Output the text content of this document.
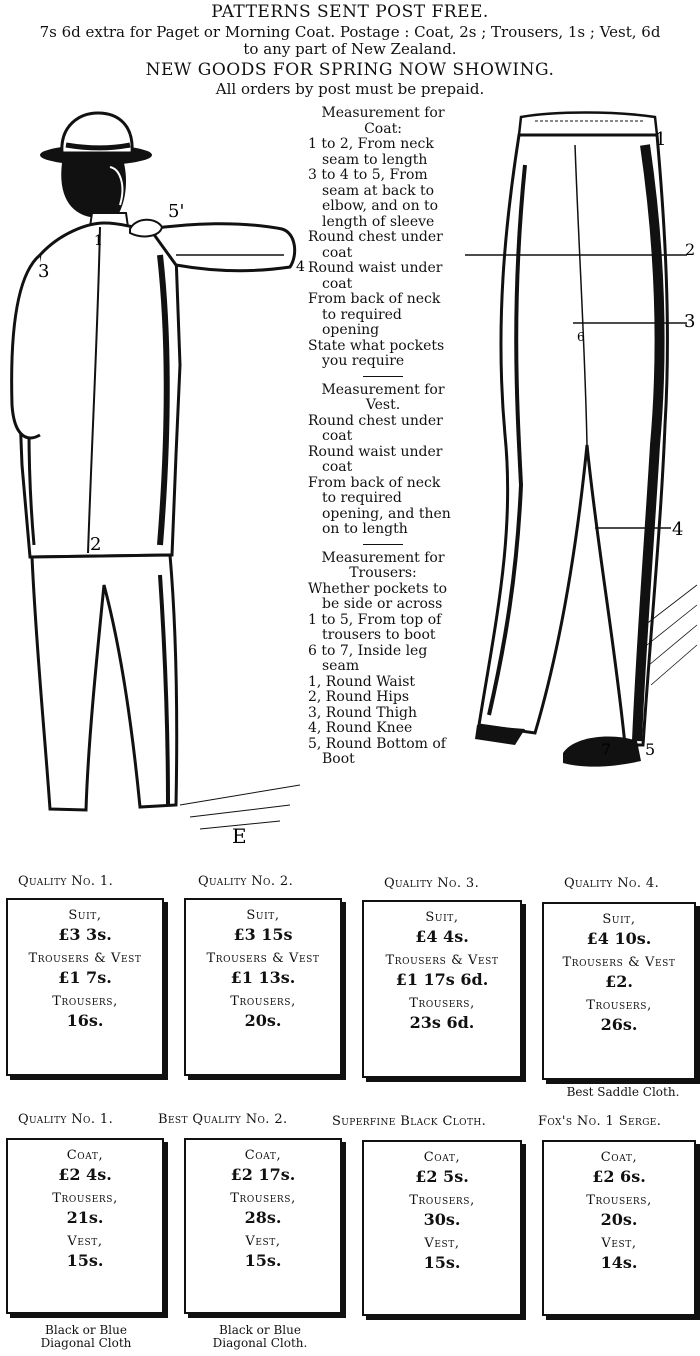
PATTERNS SENT POST FREE.
7s 6d extra for Paget or Morning Coat. Postage : Coat, 2s ; Trousers, 1s ; Vest, 6d
to any part of New Zealand.
NEW GOODS FOR SPRING NOW SHOWING.
All orders by post must be prepaid.
1
2
3	4
5'
E
Measurement for Coat:
1 to 2, From neck seam to length
3 to 4 to 5, From seam at back to elbow, and on to length of sleeve
Round chest under coat
Round waist under coat
From back of neck to required opening
State what pockets you require
Measurement for Vest.
Round chest under coat
Round waist under coat
From back of neck to required opening, and then on to length
Measurement for Trousers:
Whether pockets to be side or across
1 to 5, From top of trousers to boot
6 to 7, Inside leg seam
1, Round Waist
2, Round Hips
3, Round Thigh
4, Round Knee
5, Round Bottom of Boot
1
2
3
4
5
6
7
Quality No. 1.	Quality No. 2.	Quality No. 3.	Quality No. 4.
Suit,
£3 3s.
Trousers & Vest
£1 7s.
Trousers,
16s.
Suit,
£3 15s
Trousers & Vest
£1 13s.
Trousers,
20s.
Suit,
£4 4s.
Trousers & Vest
£1 17s 6d.
Trousers,
23s 6d.
Suit,
£4 10s.
Trousers & Vest
£2.
Trousers,
26s.
Best Saddle Cloth.
Quality No. 1.	Best Quality No. 2.	Superfine Black Cloth.	Fox's No. 1 Serge.
Coat,
£2 4s.
Trousers,
21s.
Vest,
15s.
Coat,
£2 17s.
Trousers,
28s.
Vest,
15s.
Coat,
£2 5s.
Trousers,
30s.
Vest,
15s.
Coat,
£2 6s.
Trousers,
20s.
Vest,
14s.
Black or Blue
Diagonal Cloth
Black or Blue
Diagonal Cloth.
